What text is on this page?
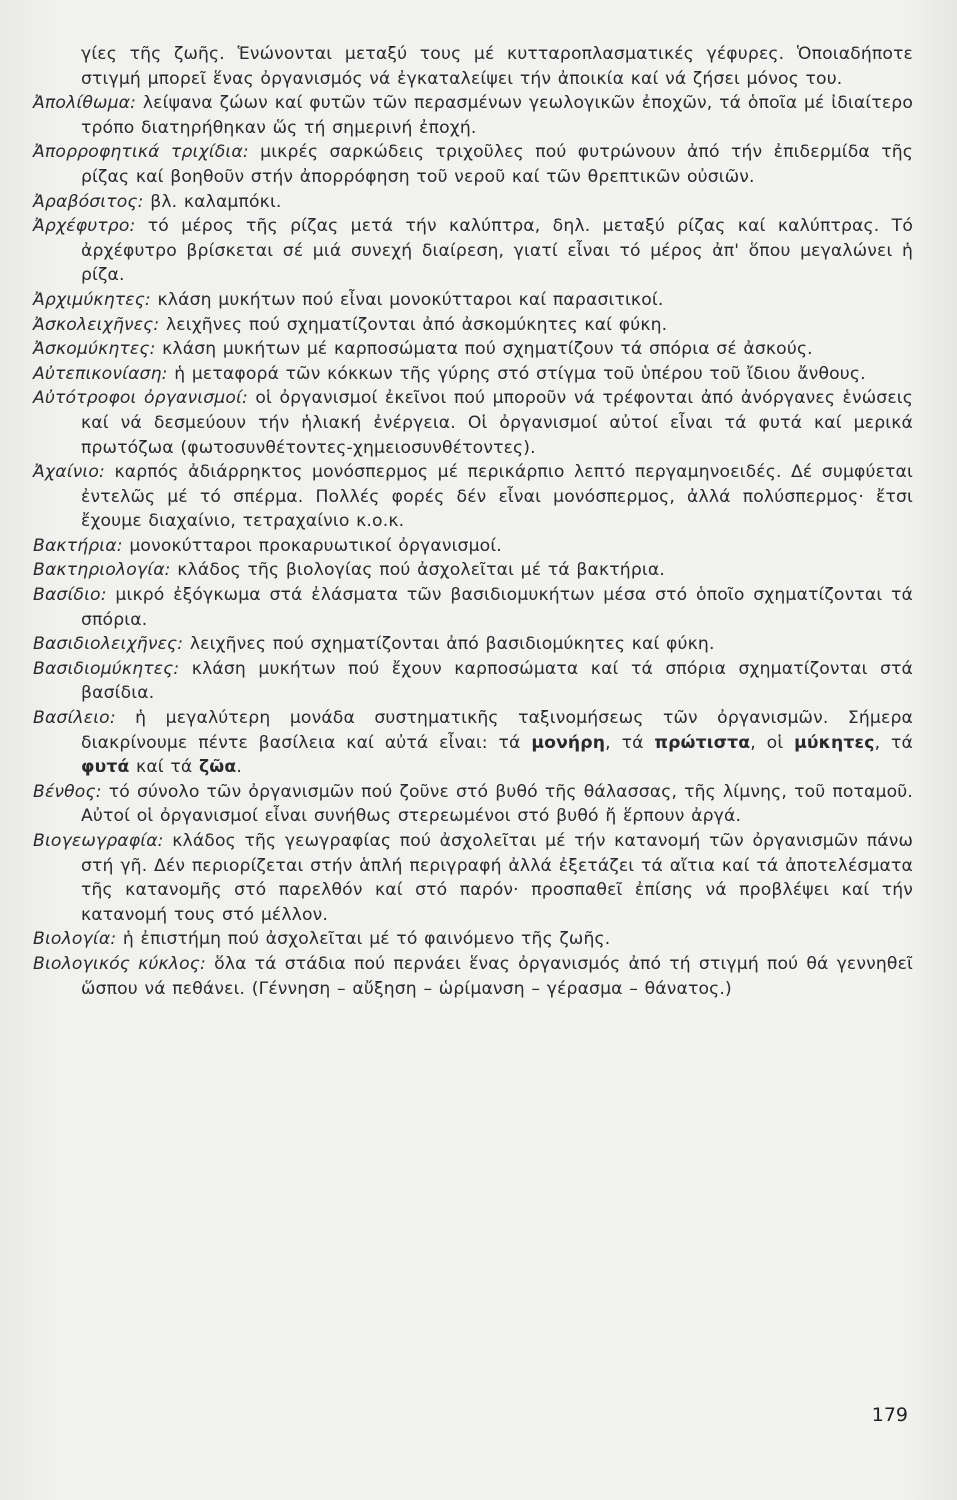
γίες τῆς ζωῆς. Ἑνώνονται μεταξύ τους μέ κυτταροπλασματικές γέφυρες. Ὁποιαδήποτε στιγμή μπορεῖ ἕνας ὀργανισμός νά ἐγκαταλείψει τήν ἀποικία καί νά ζήσει μόνος του.

Ἀπολίθωμα: λείψανα ζώων καί φυτῶν τῶν περασμένων γεωλογικῶν ἐποχῶν, τά ὁποῖα μέ ἰδιαίτερο τρόπο διατηρήθηκαν ὥς τή σημερινή ἐποχή.

Ἀπορροφητικά τριχίδια: μικρές σαρκώδεις τριχοῦλες πού φυτρώνουν ἀπό τήν ἐπιδερμίδα τῆς ρίζας καί βοηθοῦν στήν ἀπορρόφηση τοῦ νεροῦ καί τῶν θρεπτικῶν οὐσιῶν.

Ἀραβόσιτος: βλ. καλαμπόκι.

Ἀρχέφυτρο: τό μέρος τῆς ρίζας μετά τήν καλύπτρα, δηλ. μεταξύ ρίζας καί καλύπτρας. Τό ἀρχέφυτρο βρίσκεται σέ μιά συνεχή διαίρεση, γιατί εἶναι τό μέρος ἀπ' ὅπου μεγαλώνει ἡ ρίζα.

Ἀρχιμύκητες: κλάση μυκήτων πού εἶναι μονοκύτταροι καί παρασιτικοί.

Ἀσκολειχῆνες: λειχῆνες πού σχηματίζονται ἀπό ἀσκομύκητες καί φύκη.

Ἀσκομύκητες: κλάση μυκήτων μέ καρποσώματα πού σχηματίζουν τά σπόρια σέ ἀσκούς.

Αὐτεπικονίαση: ἡ μεταφορά τῶν κόκκων τῆς γύρης στό στίγμα τοῦ ὑπέρου τοῦ ἴδιου ἄνθους.

Αὐτότροφοι ὀργανισμοί: οἱ ὀργανισμοί ἐκεῖνοι πού μποροῦν νά τρέφονται ἀπό ἀνόργανες ἑνώσεις καί νά δεσμεύουν τήν ἡλιακή ἐνέργεια. Οἱ ὀργανισμοί αὐτοί εἶναι τά φυτά καί μερικά πρωτόζωα (φωτοσυνθέτοντες-χημειοσυνθέτοντες).

Ἀχαίνιο: καρπός ἀδιάρρηκτος μονόσπερμος μέ περικάρπιο λεπτό περγαμηνοειδές. Δέ συμφύεται ἐντελῶς μέ τό σπέρμα. Πολλές φορές δέν εἶναι μονόσπερμος, ἀλλά πολύσπερμος· ἔτσι ἔχουμε διαχαίνιο, τετραχαίνιο κ.ο.κ.

Βακτήρια: μονοκύτταροι προκαρυωτικοί ὀργανισμοί.

Βακτηριολογία: κλάδος τῆς βιολογίας πού ἀσχολεῖται μέ τά βακτήρια.

Βασίδιο: μικρό ἐξόγκωμα στά ἐλάσματα τῶν βασιδιομυκήτων μέσα στό ὁποῖο σχηματίζονται τά σπόρια.

Βασιδιολειχῆνες: λειχῆνες πού σχηματίζονται ἀπό βασιδιομύκητες καί φύκη.

Βασιδιομύκητες: κλάση μυκήτων πού ἔχουν καρποσώματα καί τά σπόρια σχηματίζονται στά βασίδια.

Βασίλειο: ἡ μεγαλύτερη μονάδα συστηματικῆς ταξινομήσεως τῶν ὀργανισμῶν. Σήμερα διακρίνουμε πέντε βασίλεια καί αὐτά εἶναι: τά μονήρη, τά πρώτιστα, οἱ μύκητες, τά φυτά καί τά ζῶα.

Βένθος: τό σύνολο τῶν ὀργανισμῶν πού ζοῦνε στό βυθό τῆς θάλασσας, τῆς λίμνης, τοῦ ποταμοῦ. Αὐτοί οἱ ὀργανισμοί εἶναι συνήθως στερεωμένοι στό βυθό ἤ ἕρπουν ἀργά.

Βιογεωγραφία: κλάδος τῆς γεωγραφίας πού ἀσχολεῖται μέ τήν κατανομή τῶν ὀργανισμῶν πάνω στή γῆ. Δέν περιορίζεται στήν ἁπλή περιγραφή ἀλλά ἐξετάζει τά αἴτια καί τά ἀποτελέσματα τῆς κατανομῆς στό παρελθόν καί στό παρόν· προσπαθεῖ ἐπίσης νά προβλέψει καί τήν κατανομή τους στό μέλλον.

Βιολογία: ἡ ἐπιστήμη πού ἀσχολεῖται μέ τό φαινόμενο τῆς ζωῆς.

Βιολογικός κύκλος: ὅλα τά στάδια πού περνάει ἕνας ὀργανισμός ἀπό τή στιγμή πού θά γεννηθεῖ ὥσπου νά πεθάνει. (Γέννηση – αὔξηση – ὡρίμανση – γέρασμα – θάνατος.)

179
